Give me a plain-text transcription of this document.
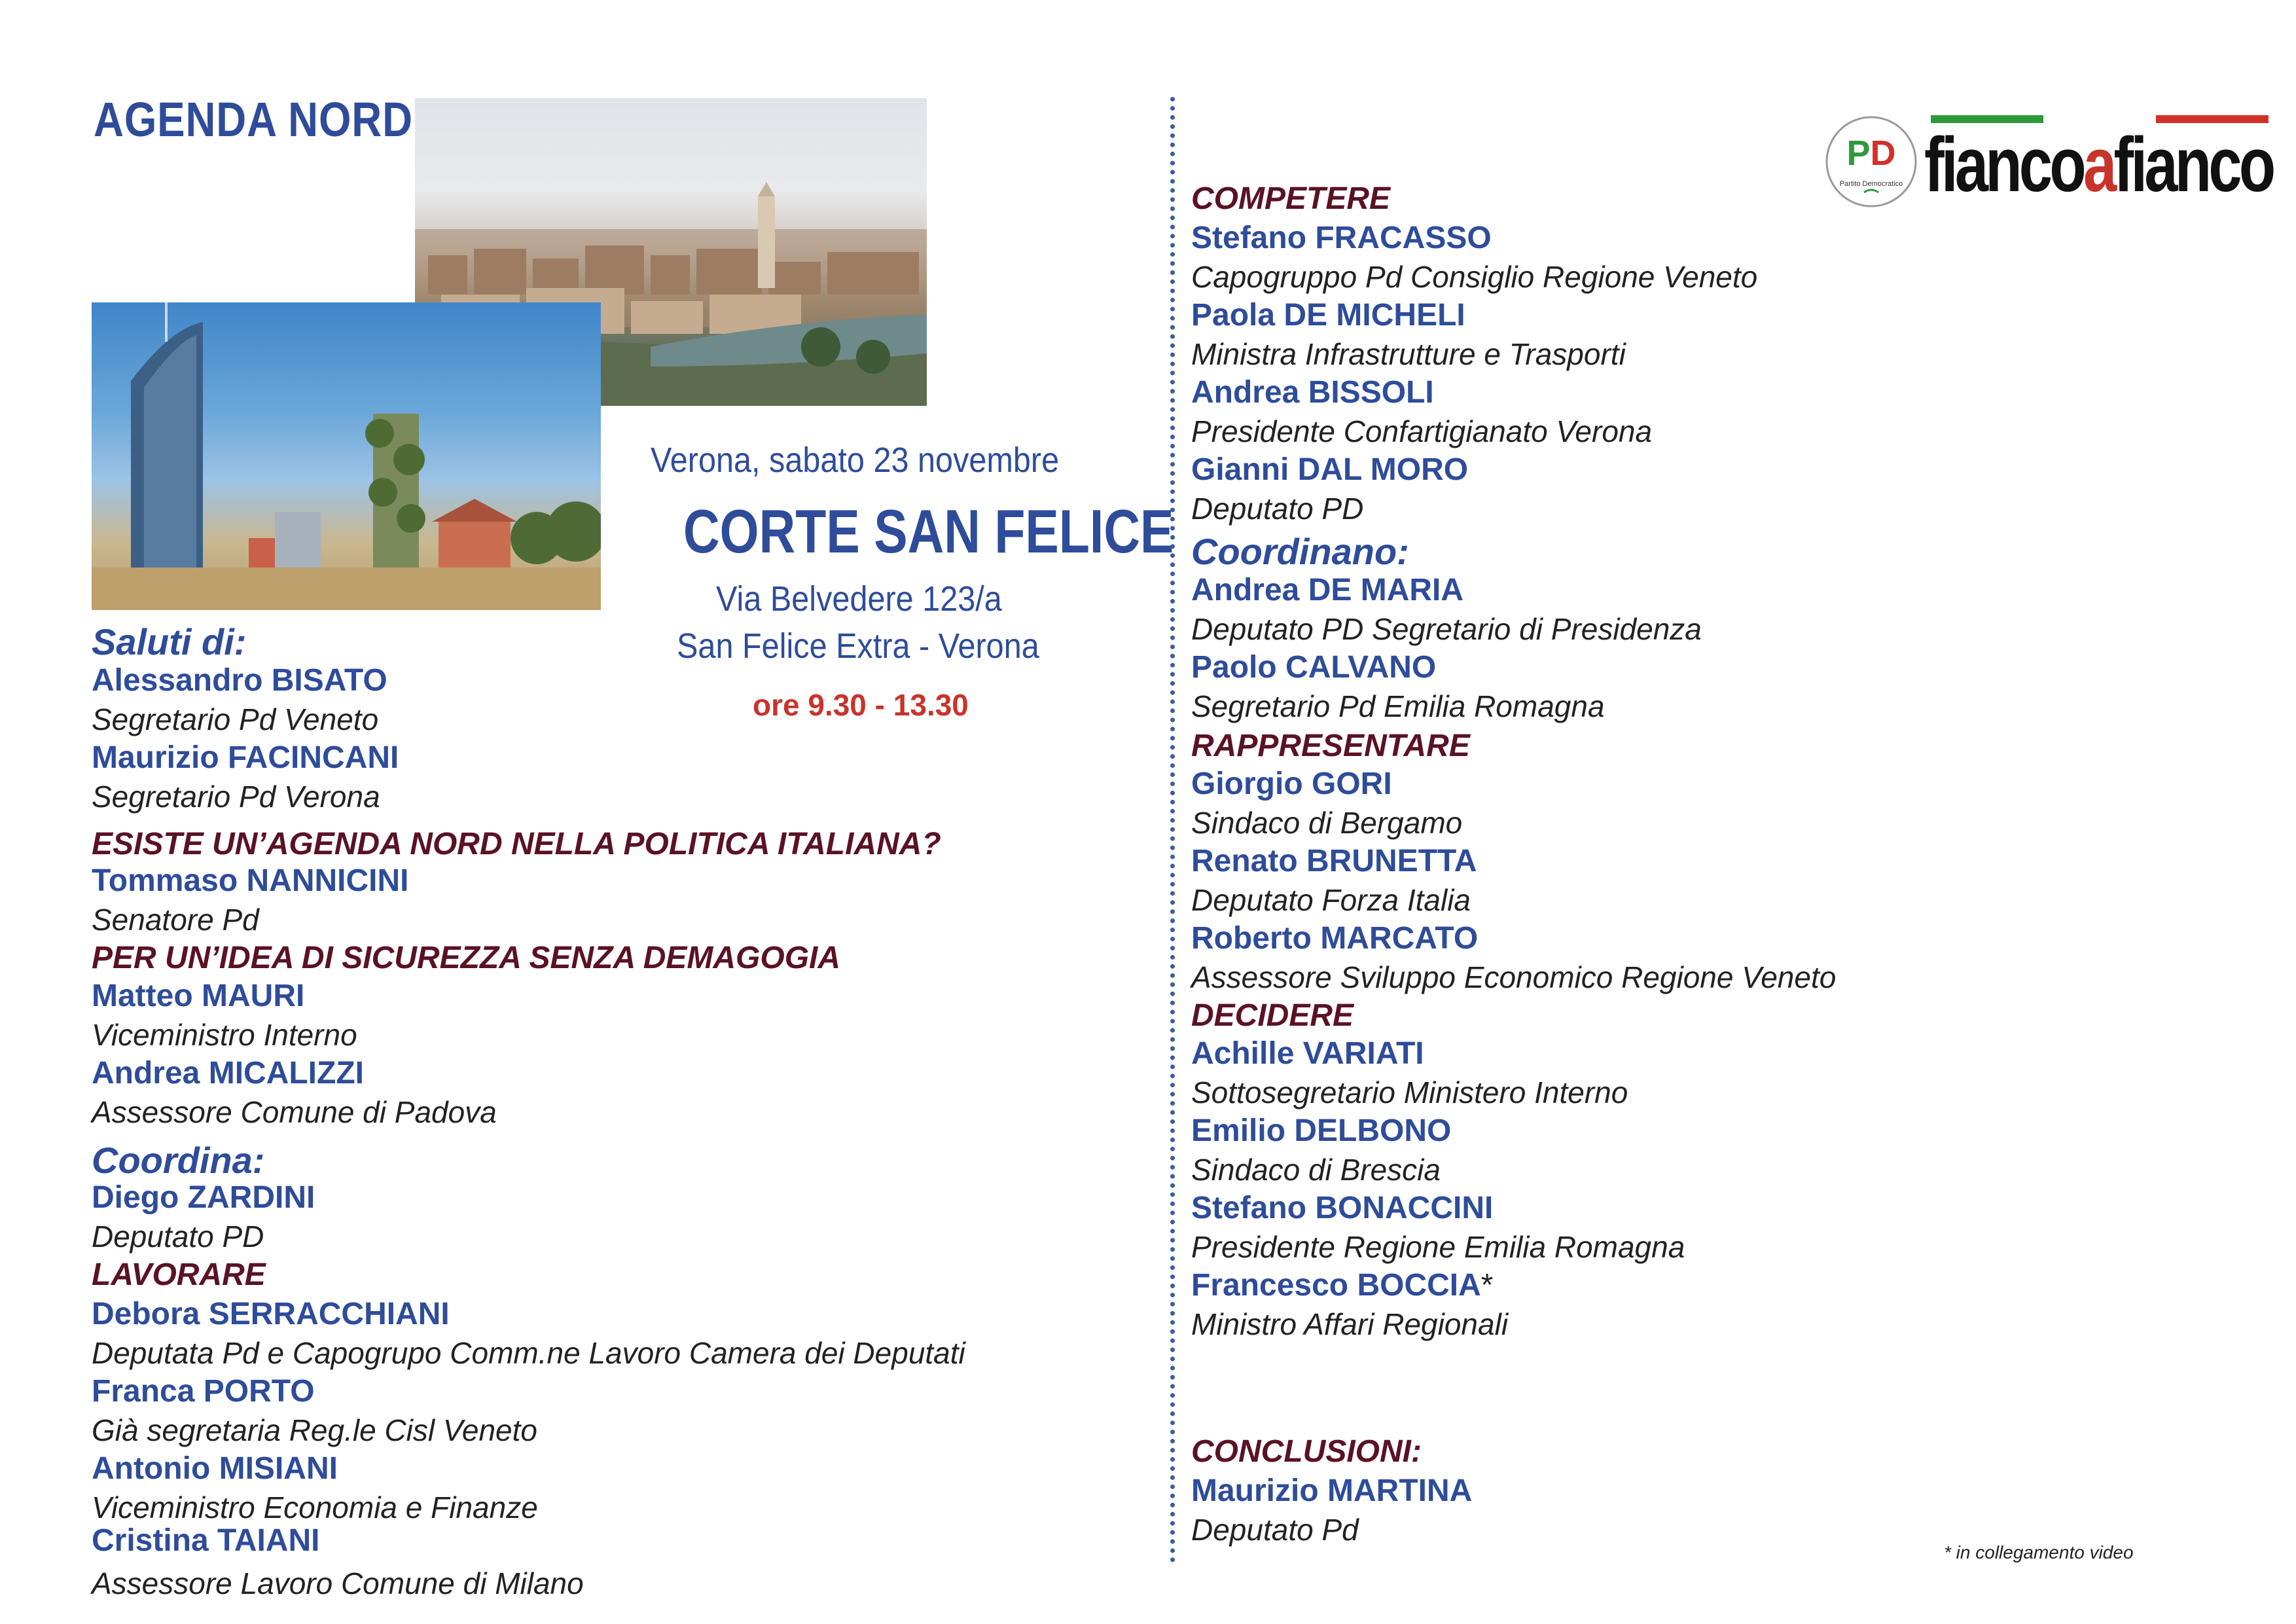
AGENDA NORD
Verona, sabato 23 novembre
CORTE SAN FELICE
Via Belvedere 123/a
San Felice Extra - Verona
ore 9.30 - 13.30
Saluti di:
Alessandro BISATO
Segretario Pd Veneto
Maurizio FACINCANI
Segretario Pd Verona
ESISTE UN’AGENDA NORD NELLA POLITICA ITALIANA?
Tommaso NANNICINI
Senatore Pd
PER UN’IDEA DI SICUREZZA SENZA DEMAGOGIA
Matteo MAURI
Viceministro Interno
Andrea MICALIZZI
Assessore Comune di Padova
Coordina:
Diego ZARDINI
Deputato PD
LAVORARE
Debora SERRACCHIANI
Deputata Pd e Capogrupo Comm.ne Lavoro Camera dei Deputati
Franca PORTO
Già segretaria Reg.le Cisl Veneto
Antonio MISIANI
Viceministro Economia e Finanze
Cristina TAIANI
Assessore Lavoro Comune di Milano
COMPETERE
Stefano FRACASSO
Capogruppo Pd Consiglio Regione Veneto
Paola DE MICHELI
Ministra Infrastrutture e Trasporti
Andrea BISSOLI
Presidente Confartigianato Verona
Gianni DAL MORO
Deputato PD
Coordinano:
Andrea DE MARIA
Deputato PD Segretario di Presidenza
Paolo CALVANO
Segretario Pd Emilia Romagna
RAPPRESENTARE
Giorgio GORI
Sindaco di Bergamo
Renato BRUNETTA
Deputato Forza Italia
Roberto MARCATO
Assessore Sviluppo Economico Regione Veneto
DECIDERE
Achille VARIATI
Sottosegretario Ministero Interno
Emilio DELBONO
Sindaco di Brescia
Stefano BONACCINI
Presidente Regione Emilia Romagna
Francesco BOCCIA*
Ministro Affari Regionali
CONCLUSIONI:
Maurizio MARTINA
Deputato Pd
PD
Partito Democratico fiancoafianco
* in collegamento video
